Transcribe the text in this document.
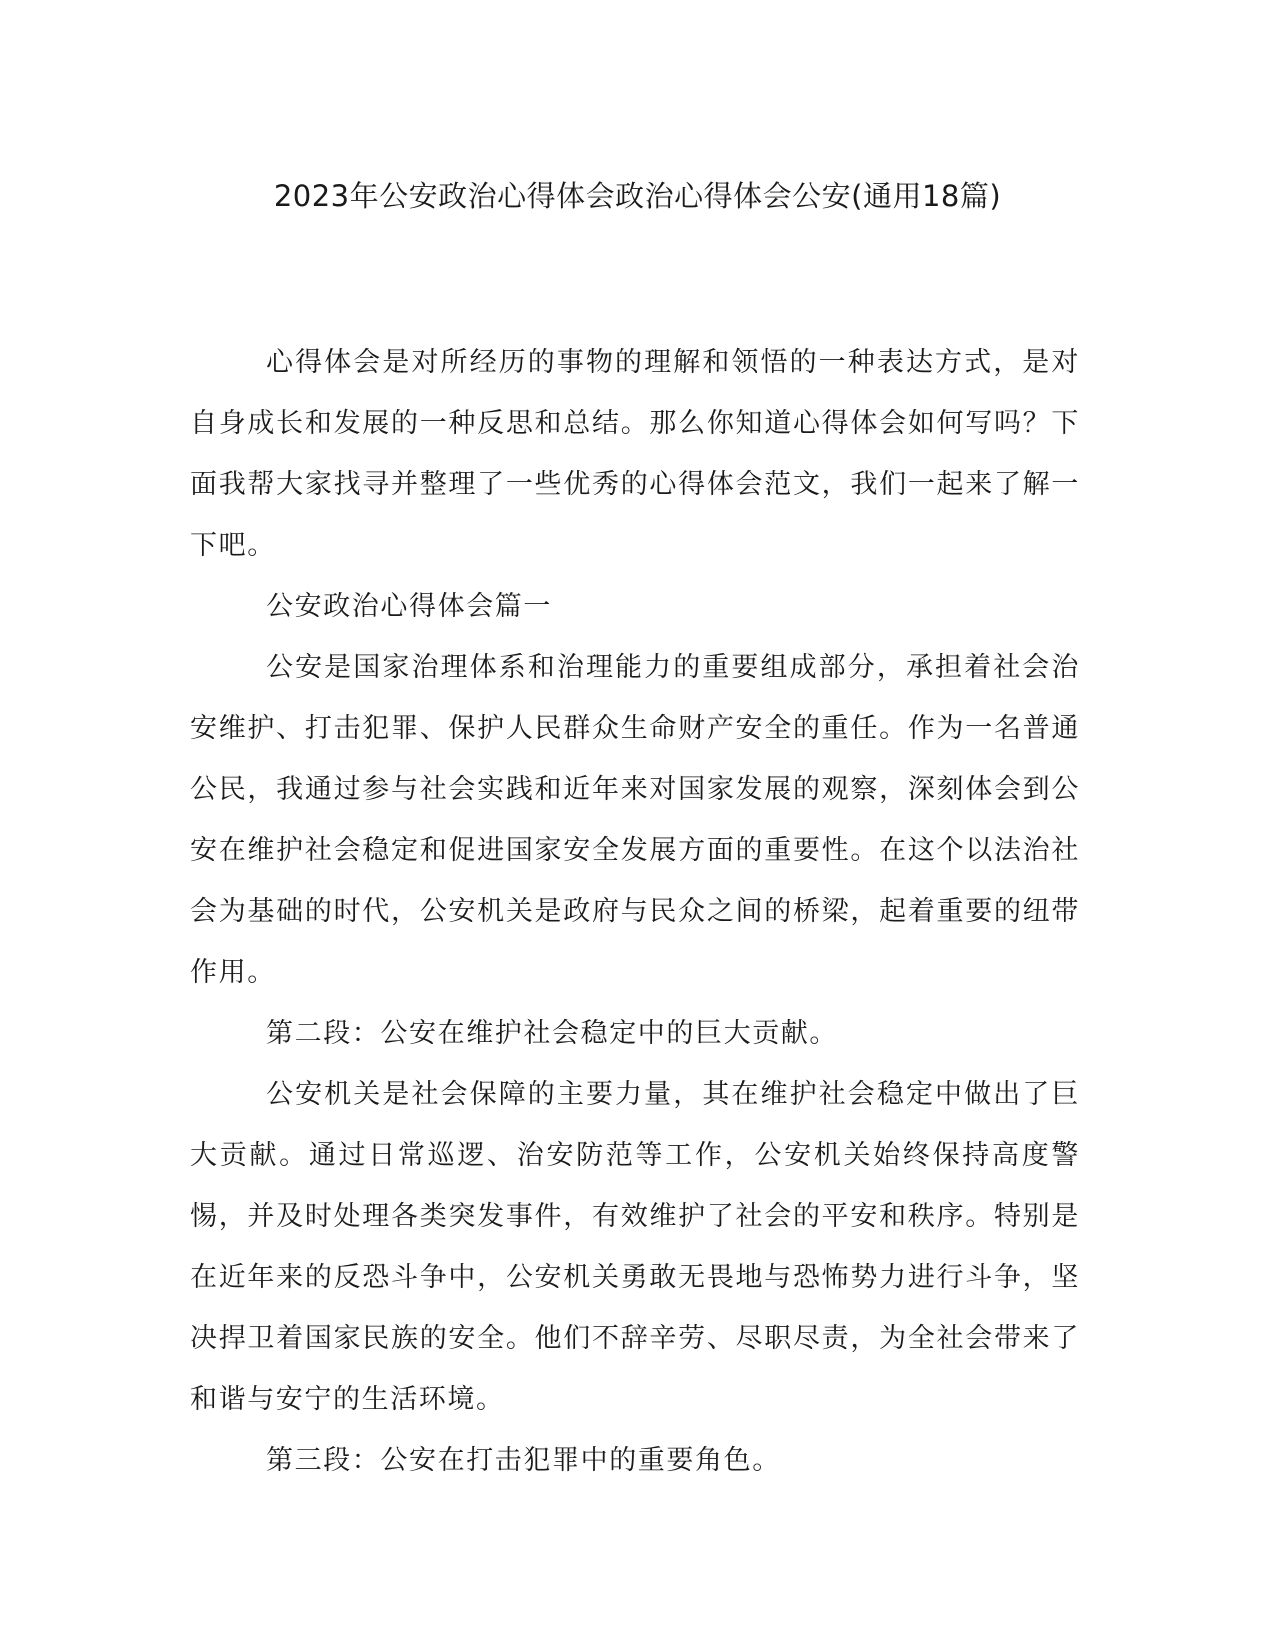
2023年公安政治心得体会政治心得体会公安(通用18篇)

心得体会是对所经历的事物的理解和领悟的一种表达方式，是对自身成长和发展的一种反思和总结。那么你知道心得体会如何写吗？下面我帮大家找寻并整理了一些优秀的心得体会范文，我们一起来了解一下吧。

公安政治心得体会篇一

公安是国家治理体系和治理能力的重要组成部分，承担着社会治安维护、打击犯罪、保护人民群众生命财产安全的重任。作为一名普通公民，我通过参与社会实践和近年来对国家发展的观察，深刻体会到公安在维护社会稳定和促进国家安全发展方面的重要性。在这个以法治社会为基础的时代，公安机关是政府与民众之间的桥梁，起着重要的纽带作用。

第二段：公安在维护社会稳定中的巨大贡献。

公安机关是社会保障的主要力量，其在维护社会稳定中做出了巨大贡献。通过日常巡逻、治安防范等工作，公安机关始终保持高度警惕，并及时处理各类突发事件，有效维护了社会的平安和秩序。特别是在近年来的反恐斗争中，公安机关勇敢无畏地与恐怖势力进行斗争，坚决捍卫着国家民族的安全。他们不辞辛劳、尽职尽责，为全社会带来了和谐与安宁的生活环境。

第三段：公安在打击犯罪中的重要角色。
